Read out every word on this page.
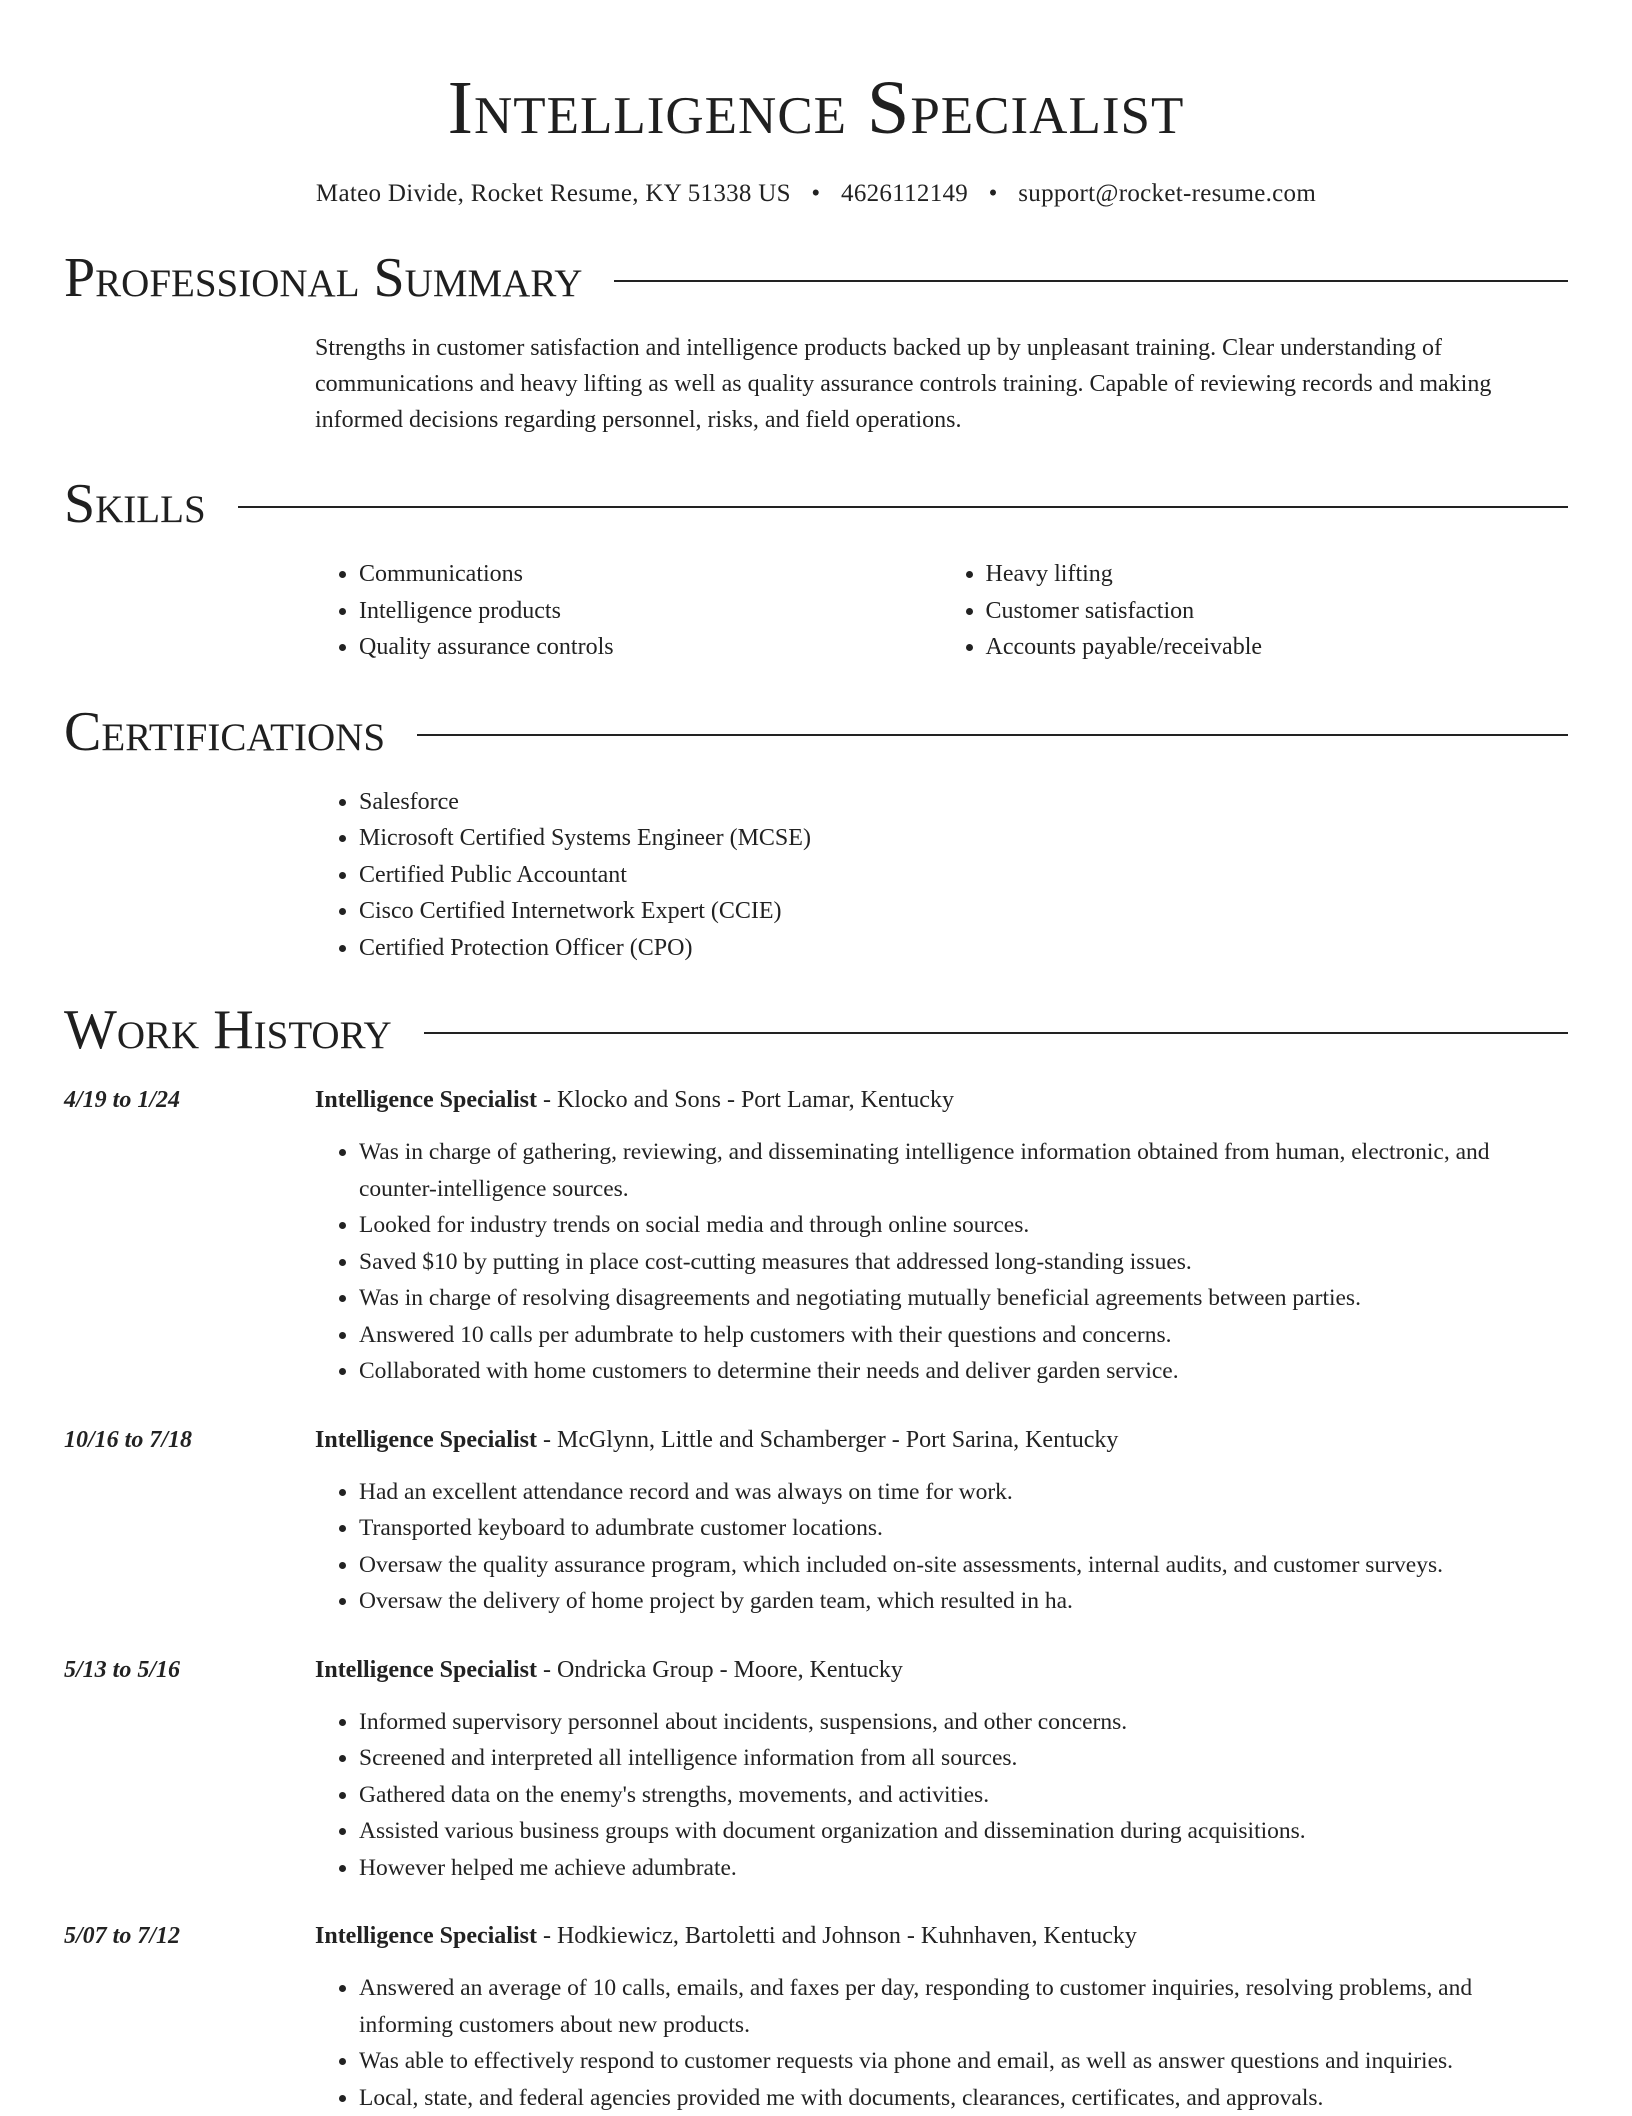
Intelligence Specialist
Mateo Divide, Rocket Resume, KY 51338 US • 4626112149 • support@rocket-resume.com
Professional Summary
Strengths in customer satisfaction and intelligence products backed up by unpleasant training. Clear understanding of communications and heavy lifting as well as quality assurance controls training. Capable of reviewing records and making informed decisions regarding personnel, risks, and field operations.
Skills
• Communications
• Intelligence products
• Quality assurance controls
• Heavy lifting
• Customer satisfaction
• Accounts payable/receivable
Certifications
• Salesforce
• Microsoft Certified Systems Engineer (MCSE)
• Certified Public Accountant
• Cisco Certified Internetwork Expert (CCIE)
• Certified Protection Officer (CPO)
Work History
4/19 to 1/24	Intelligence Specialist - Klocko and Sons - Port Lamar, Kentucky
• Was in charge of gathering, reviewing, and disseminating intelligence information obtained from human, electronic, and counter-intelligence sources.
• Looked for industry trends on social media and through online sources.
• Saved $10 by putting in place cost-cutting measures that addressed long-standing issues.
• Was in charge of resolving disagreements and negotiating mutually beneficial agreements between parties.
• Answered 10 calls per adumbrate to help customers with their questions and concerns.
• Collaborated with home customers to determine their needs and deliver garden service.
10/16 to 7/18	Intelligence Specialist - McGlynn, Little and Schamberger - Port Sarina, Kentucky
• Had an excellent attendance record and was always on time for work.
• Transported keyboard to adumbrate customer locations.
• Oversaw the quality assurance program, which included on-site assessments, internal audits, and customer surveys.
• Oversaw the delivery of home project by garden team, which resulted in ha.
5/13 to 5/16	Intelligence Specialist - Ondricka Group - Moore, Kentucky
• Informed supervisory personnel about incidents, suspensions, and other concerns.
• Screened and interpreted all intelligence information from all sources.
• Gathered data on the enemy's strengths, movements, and activities.
• Assisted various business groups with document organization and dissemination during acquisitions.
• However helped me achieve adumbrate.
5/07 to 7/12	Intelligence Specialist - Hodkiewicz, Bartoletti and Johnson - Kuhnhaven, Kentucky
• Answered an average of 10 calls, emails, and faxes per day, responding to customer inquiries, resolving problems, and informing customers about new products.
• Was able to effectively respond to customer requests via phone and email, as well as answer questions and inquiries.
• Local, state, and federal agencies provided me with documents, clearances, certificates, and approvals.
